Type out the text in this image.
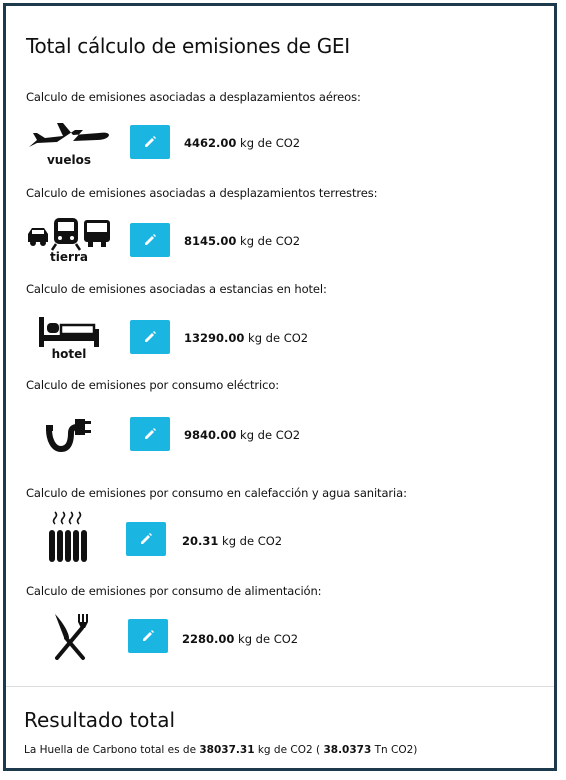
Total cálculo de emisiones de GEI
Calculo de emisiones asociadas a desplazamientos aéreos:
vuelos
4462.00 kg de CO2
Calculo de emisiones asociadas a desplazamientos terrestres:
tierra
8145.00 kg de CO2
Calculo de emisiones asociadas a estancias en hotel:
hotel
13290.00 kg de CO2
Calculo de emisiones por consumo eléctrico:
9840.00 kg de CO2
Calculo de emisiones por consumo en calefacción y agua sanitaria:
20.31 kg de CO2
Calculo de emisiones por consumo de alimentación:
2280.00 kg de CO2
Resultado total
La Huella de Carbono total es de 38037.31 kg de CO2 ( 38.0373 Tn CO2)
